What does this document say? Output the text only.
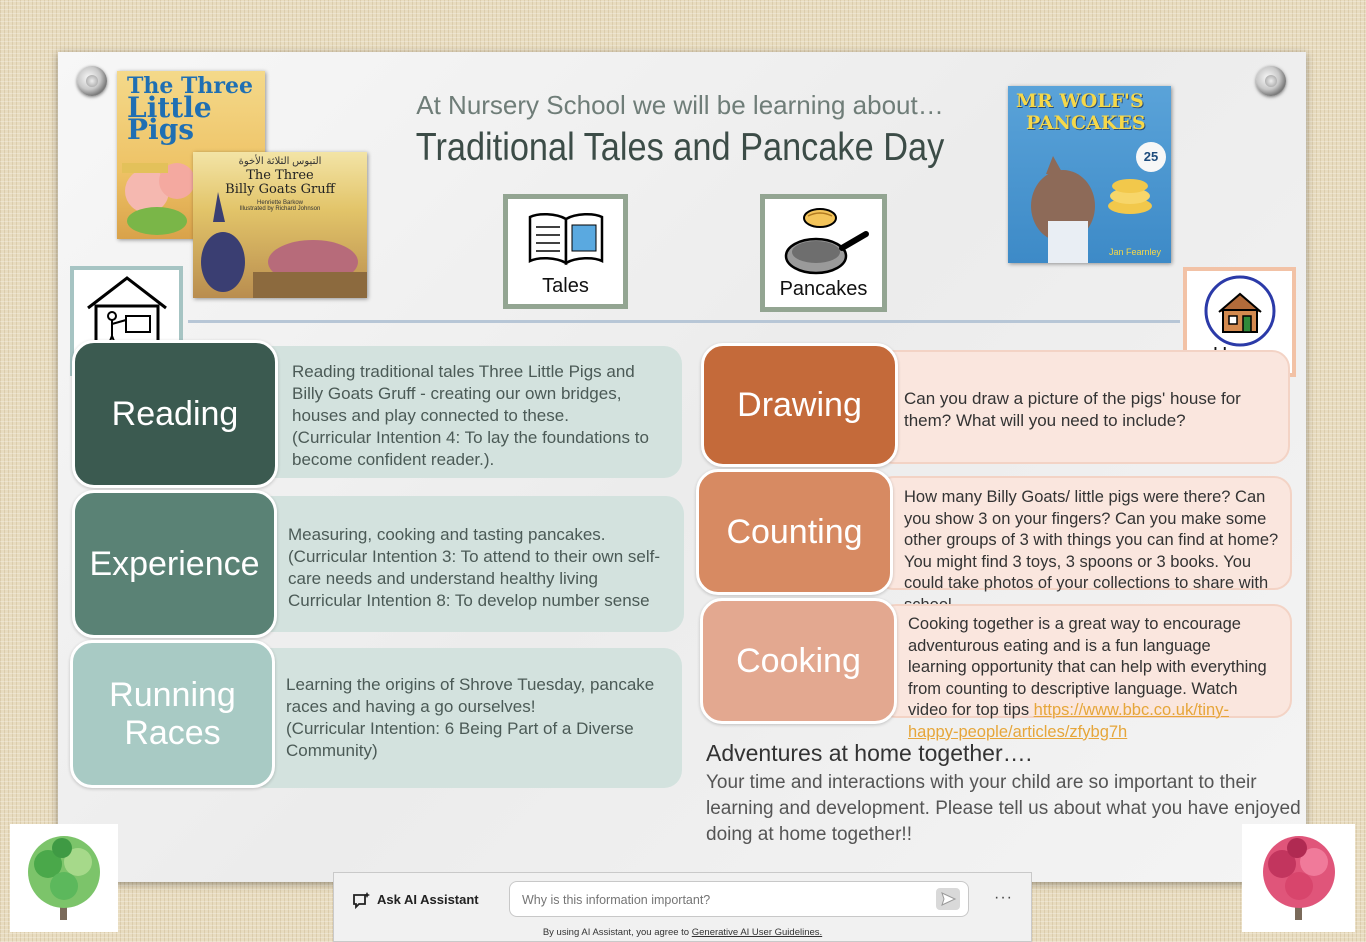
The Three
Little Pigs
التيوس الثلاثة الأخوة
The Three
Billy Goats Gruff
Henriette Barkow
Illustrated by Richard Johnson
MR WOLF'S
PANCAKES
25
Jan Fearnley
At Nursery School we will be learning about…
Traditional Tales and Pancake Day
Tales	Pancakes
Reading traditional tales Three Little Pigs and Billy Goats Gruff - creating our own bridges, houses and play connected to these.
(Curricular Intention 4: To lay the foundations to become confident reader.).
Reading
Measuring, cooking and tasting pancakes.
(Curricular Intention 3: To attend to their own self-care needs and understand healthy living Curricular Intention 8: To develop number sense
Experience
Learning the origins of Shrove Tuesday, pancake races and having a go ourselves!
(Curricular Intention: 6 Being Part of a Diverse Community)
Running
Races
Can you draw a picture of the pigs' house for them? What will you need to include?
Drawing
How many Billy Goats/ little pigs were there? Can you show 3 on your fingers? Can you make some other groups of 3 with things you can find at home? You might find 3 toys, 3 spoons or 3 books. You could take photos of your collections to share with
Counting
Cooking together is a great way to encourage adventurous eating and is a fun language learning opportunity that can help with everything from counting to descriptive language. Watch video for top tips https://www.bbc.co.uk/tiny-happy-people/articles/zfybg7h
Cooking
Adventures at home together….
Your time and interactions with your child are so important to their learning and development. Please tell us about what you have enjoyed doing at home together!!
Ask AI Assistant
Why is this information important?	···
By using AI Assistant, you agree to Generative AI User Guidelines.
